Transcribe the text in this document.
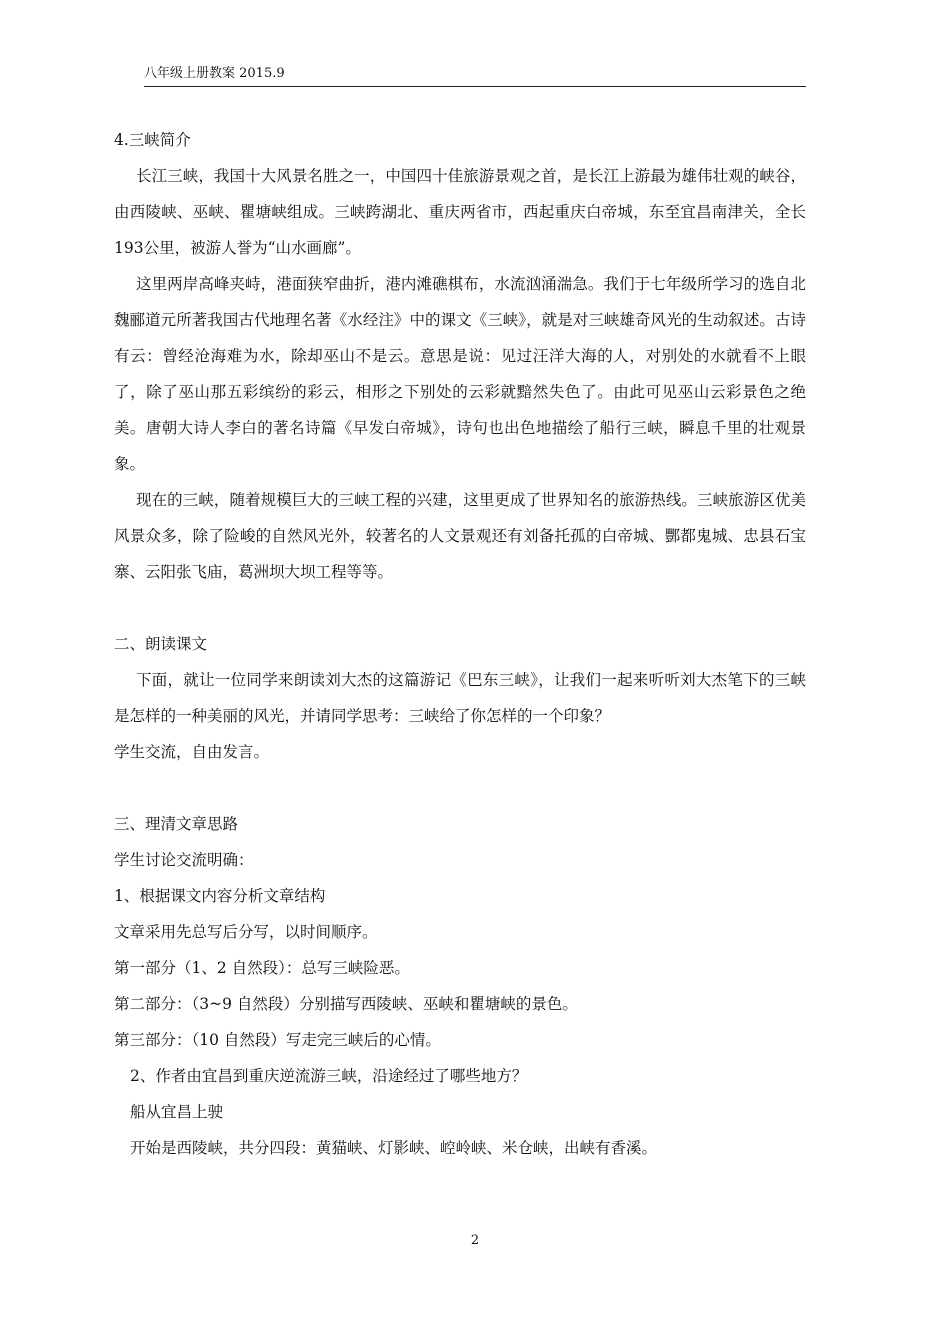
八年级上册教案 2015.9

4.三峡简介

长江三峡，我国十大风景名胜之一，中国四十佳旅游景观之首，是长江上游最为雄伟壮观的峡谷，由西陵峡、巫峡、瞿塘峡组成。三峡跨湖北、重庆两省市，西起重庆白帝城，东至宜昌南津关，全长193公里，被游人誉为“山水画廊”。

这里两岸高峰夹峙，港面狭窄曲折，港内滩礁棋布，水流汹涌湍急。我们于七年级所学习的选自北魏郦道元所著我国古代地理名著《水经注》中的课文《三峡》，就是对三峡雄奇风光的生动叙述。古诗有云：曾经沧海难为水，除却巫山不是云。意思是说：见过汪洋大海的人，对别处的水就看不上眼了，除了巫山那五彩缤纷的彩云，相形之下别处的云彩就黯然失色了。由此可见巫山云彩景色之绝美。唐朝大诗人李白的著名诗篇《早发白帝城》，诗句也出色地描绘了船行三峡，瞬息千里的壮观景象。

现在的三峡，随着规模巨大的三峡工程的兴建，这里更成了世界知名的旅游热线。三峡旅游区优美风景众多，除了险峻的自然风光外，较著名的人文景观还有刘备托孤的白帝城、酆都鬼城、忠县石宝寨、云阳张飞庙，葛洲坝大坝工程等等。

二、朗读课文

下面，就让一位同学来朗读刘大杰的这篇游记《巴东三峡》，让我们一起来听听刘大杰笔下的三峡是怎样的一种美丽的风光，并请同学思考：三峡给了你怎样的一个印象？

学生交流，自由发言。

三、理清文章思路

学生讨论交流明确：

1、根据课文内容分析文章结构

文章采用先总写后分写，以时间顺序。

第一部分（1、2 自然段）：总写三峡险恶。

第二部分：（3~9 自然段）分别描写西陵峡、巫峡和瞿塘峡的景色。

第三部分：（10 自然段）写走完三峡后的心情。

2、作者由宜昌到重庆逆流游三峡，沿途经过了哪些地方？

船从宜昌上驶

开始是西陵峡，共分四段：黄猫峡、灯影峡、崆岭峡、米仓峡，出峡有香溪。

2
